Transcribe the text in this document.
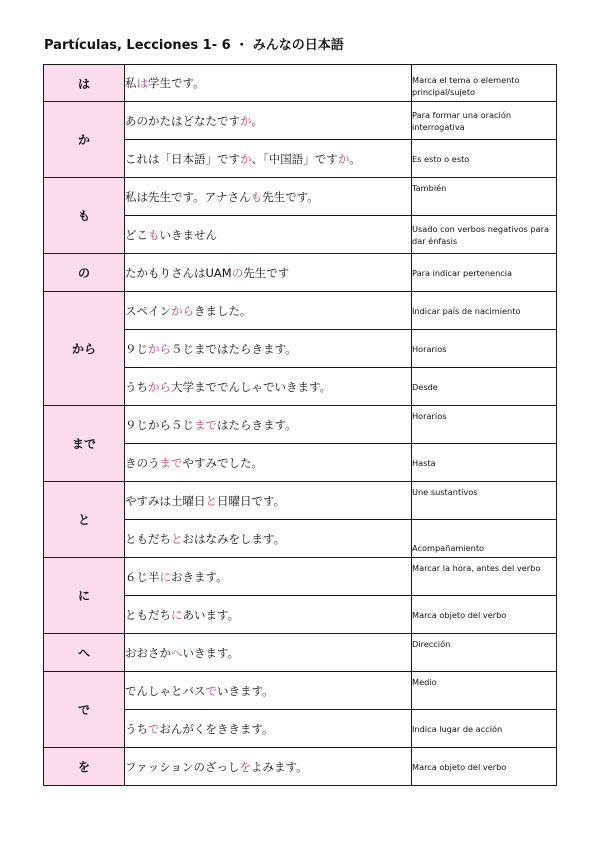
Partículas, Lecciones 1- 6 ・ みんなの日本語
は	私は学生です。	Marca el tema o elemento principal/sujeto
か	あのかたはどなたですか。	Para formar una oración interrogativa
	これは「日本語」ですか、「中国語」ですか。	Es esto o esto
も	私は先生です。アナさんも先生です。	También
	どこもいきません	Usado con verbos negativos para dar énfasis
の	たかもりさんはUAMの先生です	Para indicar pertenencia
から	スペインからきました。	Indicar país de nacimiento
	９じから５じまではたらきます。	Horarios
	うちから大学まででんしゃでいきます。	Desde
まで	９じから５じまではたらきます。	Horarios
	きのうまでやすみでした。	Hasta
と	やすみは土曜日と日曜日です。	Une sustantivos
	ともだちとおはなみをします。	Acompañamiento
に	６じ半におきます。	Marcar la hora, antes del verbo
	ともだちにあいます。	Marca objeto del verbo
へ	おおさかへいきます。	Dirección
で	でんしゃとバスでいきます。	Medio
	うちでおんがくをききます。	Indica lugar de acción
を	ファッションのざっしをよみます。	Marca objeto del verbo
